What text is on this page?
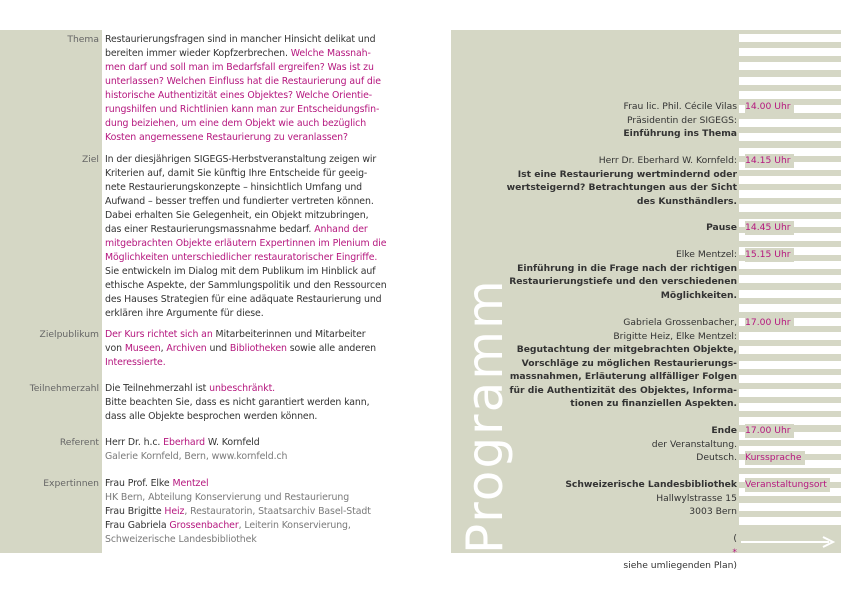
Thema Restaurierungsfragen sind in mancher Hinsicht delikat und
bereiten immer wieder Kopfzerbrechen. Welche Massnah-
men darf und soll man im Bedarfsfall ergreifen? Was ist zu
unterlassen? Welchen Einfluss hat die Restaurierung auf die
historische Authentizität eines Objektes? Welche Orientie-
rungshilfen und Richtlinien kann man zur Entscheidungsfin-
dung beiziehen, um eine dem Objekt wie auch bezüglich
Kosten angemessene Restaurierung zu veranlassen?
Ziel In der diesjährigen SIGEGS-Herbstveranstaltung zeigen wir
Kriterien auf, damit Sie künftig Ihre Entscheide für geeig-
nete Restaurierungskonzepte – hinsichtlich Umfang und
Aufwand – besser treffen und fundierter vertreten können.
Dabei erhalten Sie Gelegenheit, ein Objekt mitzubringen,
das einer Restaurierungsmassnahme bedarf. Anhand der
mitgebrachten Objekte erläutern Expertinnen im Plenium die
Möglichkeiten unterschiedlicher restauratorischer Eingriffe.
Sie entwickeln im Dialog mit dem Publikum im Hinblick auf
ethische Aspekte, der Sammlungspolitik und den Ressourcen
des Hauses Strategien für eine adäquate Restaurierung und
erklären ihre Argumente für diese.
Zielpublikum Der Kurs richtet sich an Mitarbeiterinnen und Mitarbeiter
von Museen, Archiven und Bibliotheken sowie alle anderen
Interessierte.
Teilnehmerzahl Die Teilnehmerzahl ist unbeschränkt.
Bitte beachten Sie, dass es nicht garantiert werden kann,
dass alle Objekte besprochen werden können.
Referent Herr Dr. h.c. Eberhard W. Kornfeld
Galerie Kornfeld, Bern, www.kornfeld.ch
Expertinnen Frau Prof. Elke Mentzel
HK Bern, Abteilung Konservierung und Restaurierung
Frau Brigitte Heiz, Restauratorin, Staatsarchiv Basel-Stadt
Frau Gabriela Grossenbacher, Leiterin Konservierung,
Schweizerische Landesbibliothek	Programm
Frau lic. Phil. Cécile Vilas
Präsidentin der SIGEGS:
Einführung ins Thema
14.00 Uhr
Herr Dr. Eberhard W. Kornfeld:
Ist eine Restaurierung wertmindernd oder
wertsteigernd? Betrachtungen aus der Sicht
des Kunsthändlers.
14.15 Uhr
Pause 14.45 Uhr
Elke Mentzel:
Einführung in die Frage nach der richtigen
Restaurierungstiefe und den verschiedenen
Möglichkeiten.
15.15 Uhr
Gabriela Grossenbacher,
Brigitte Heiz, Elke Mentzel:
Begutachtung der mitgebrachten Objekte,
Vorschläge zu möglichen Restaurierungs-
massnahmen, Erläuterung allfälliger Folgen
für die Authentizität des Objektes, Informa-
tionen zu finanziellen Aspekten.
17.00 Uhr
Ende
der Veranstaltung.
17.00 Uhr
Deutsch. Kurssprache
Schweizerische Landesbibliothek
Hallwylstrasse 15
3003 Bern
Veranstaltungsort
(
*
siehe umliegenden Plan)
